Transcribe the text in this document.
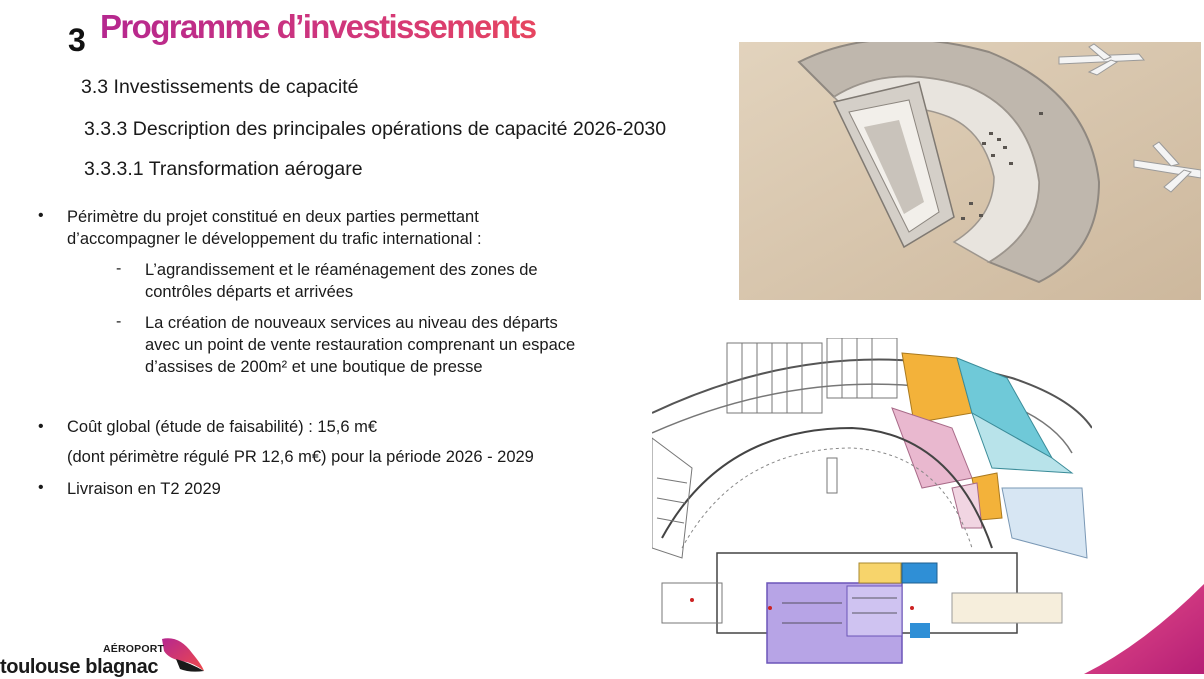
3 Programme d’investissements
3.3 Investissements de capacité
3.3.3 Description des principales opérations de capacité 2026-2030
3.3.3.1 Transformation aérogare
• Périmètre du projet constitué en deux parties permettant
d’accompagner le développement du trafic international :
- L’agrandissement et le réaménagement des zones de
contrôles départs et arrivées
- La création de nouveaux services au niveau des départs
avec un point de vente restauration comprenant un espace
d’assises de 200m² et une boutique de presse
• Coût global (étude de faisabilité) : 15,6 m€
(dont périmètre régulé PR 12,6 m€) pour la période 2026 - 2029
• Livraison en T2 2029
AÉROPORT
toulouse blagnac
